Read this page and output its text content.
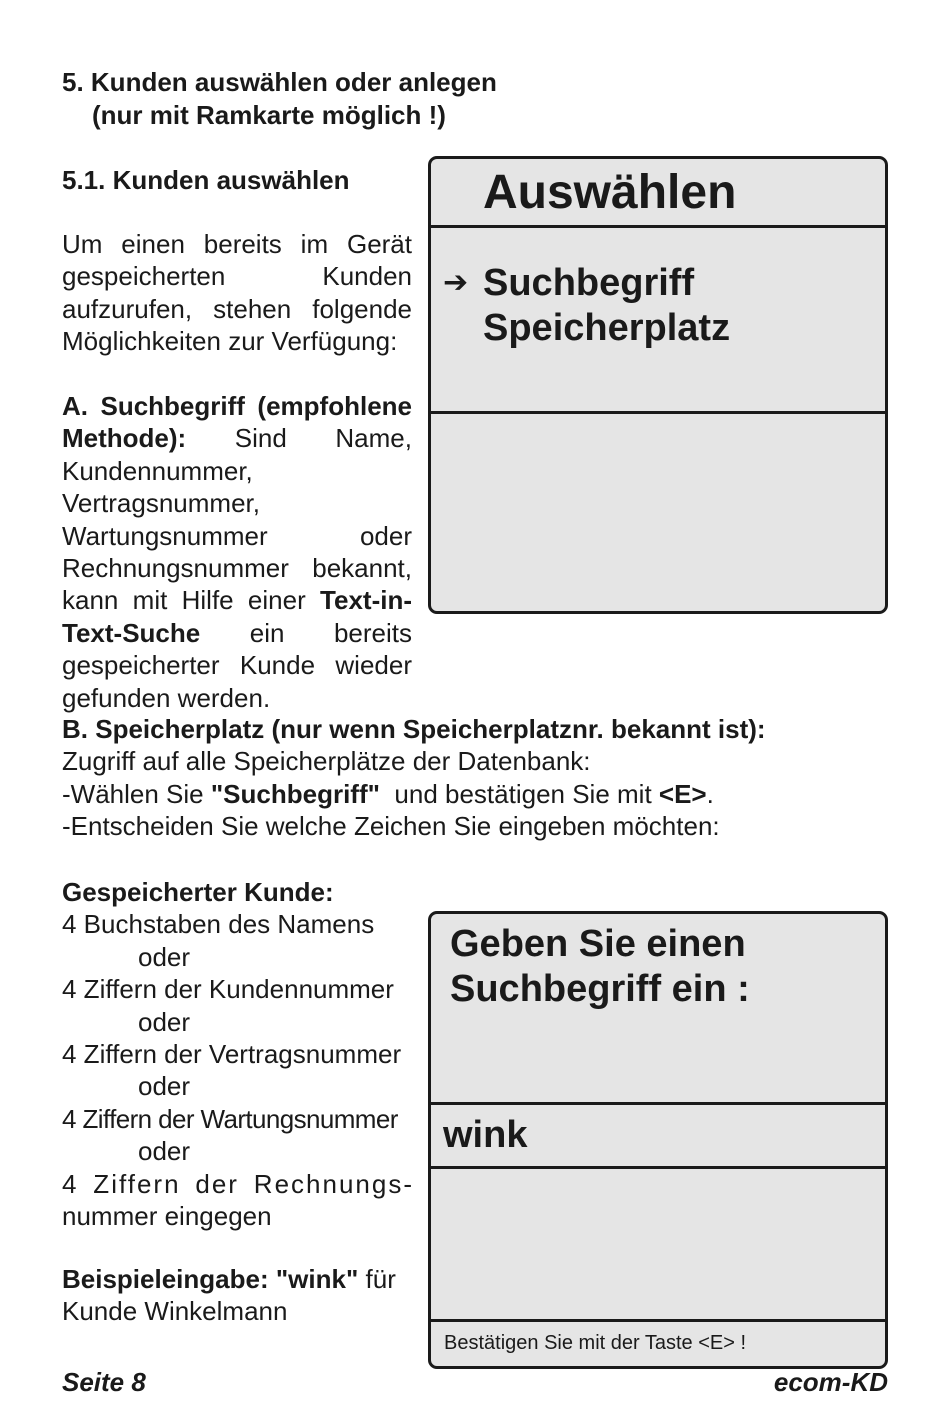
5. Kunden auswählen oder anlegen
(nur mit Ramkarte möglich !)
5.1. Kunden auswählen

Um einen bereits im Gerät gespeicherten Kunden aufzurufen, stehen folgende Möglichkeiten zur Verfügung:

A. Suchbegriff (empfohlene Methode): Sind Name, Kundennummer, Vertragsnummer, Wartungsnummer oder Rechnungsnummer bekannt, kann mit Hilfe einer Text-in-Text-Suche ein bereits gespeicherter Kunde wieder gefunden werden.

B. Speicherplatz (nur wenn Speicherplatznr. bekannt ist):
Zugriff auf alle Speicherplätze der Datenbank:
-Wählen Sie "Suchbegriff"  und bestätigen Sie mit <E>.
-Entscheiden Sie welche Zeichen Sie eingeben möchten:
Gespeicherter Kunde:
4 Buchstaben des Namens
oder
4 Ziffern der Kundennummer
oder
4 Ziffern der Vertragsnummer
oder
4 Ziffern der Wartungsnummer
oder
4 Ziffern der Rechnungs-
nummer eingegen

Beispieleingabe: "wink" für Kunde Winkelmann

Auswählen
➔ Suchbegriff
Speicherplatz
Geben Sie einen
Suchbegriff ein :
wink
Bestätigen Sie mit der Taste <E> !
Seite 8	ecom-KD
